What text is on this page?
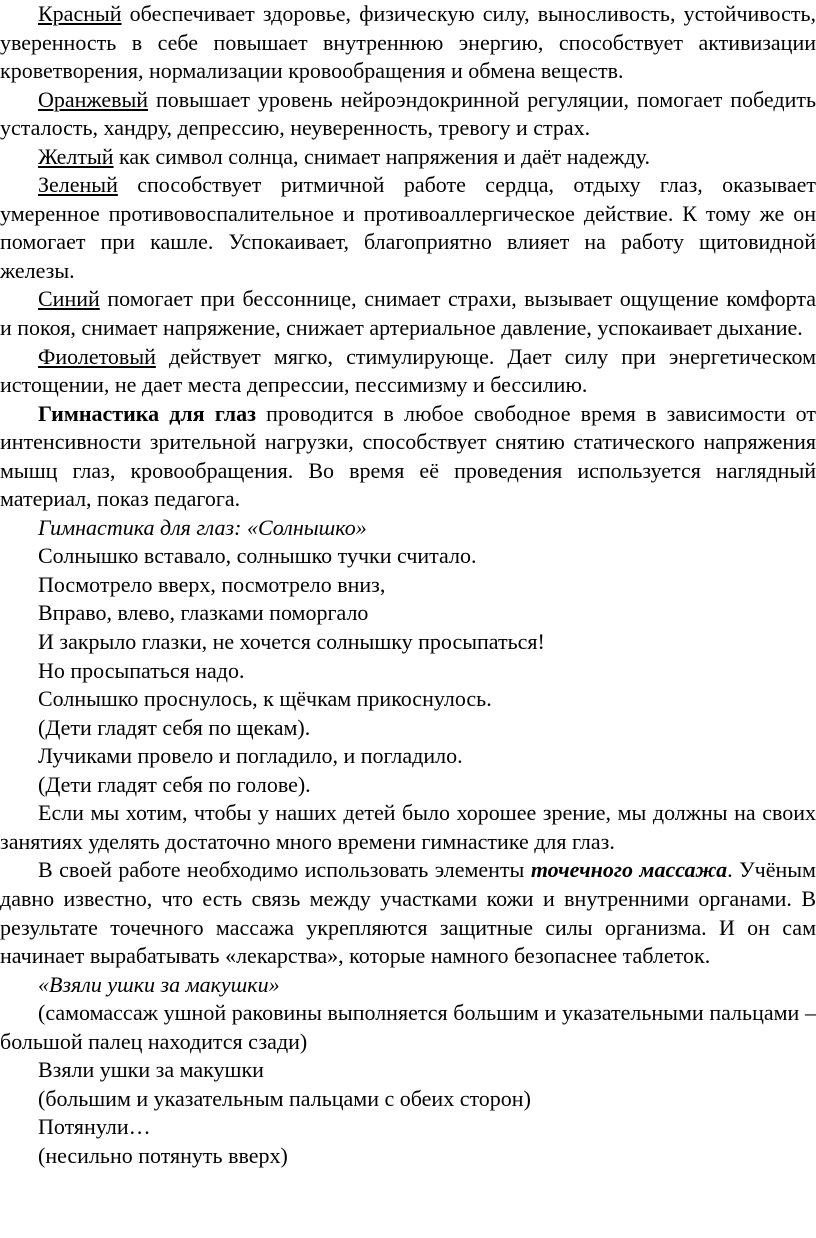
Красный обеспечивает здоровье, физическую силу, выносливость, устойчивость, уверенность в себе повышает внутреннюю энергию, способствует активизации кроветворения, нормализации кровообращения и обмена веществ.

Оранжевый повышает уровень нейроэндокринной регуляции, помогает победить усталость, хандру, депрессию, неуверенность, тревогу и страх.

Желтый как символ солнца, снимает напряжения и даёт надежду.

Зеленый способствует ритмичной работе сердца, отдыху глаз, оказывает умеренное противовоспалительное и противоаллергическое действие. К тому же он помогает при кашле. Успокаивает, благоприятно влияет на работу щитовидной железы.

Синий помогает при бессоннице, снимает страхи, вызывает ощущение комфорта и покоя, снимает напряжение, снижает артериальное давление, успокаивает дыхание.

Фиолетовый действует мягко, стимулирующе. Дает силу при энергетическом истощении, не дает места депрессии, пессимизму и бессилию.

Гимнастика для глаз проводится в любое свободное время в зависимости от интенсивности зрительной нагрузки, способствует снятию статического напряжения мышц глаз, кровообращения. Во время её проведения используется наглядный материал, показ педагога.

Гимнастика для глаз: «Солнышко»

Солнышко вставало, солнышко тучки считало.

Посмотрело вверх, посмотрело вниз,

Вправо, влево, глазками поморгало

И закрыло глазки, не хочется солнышку просыпаться!

Но просыпаться надо.

Солнышко проснулось, к щёчкам прикоснулось.

(Дети гладят себя по щекам).

Лучиками провело и погладило, и погладило.

(Дети гладят себя по голове).

Если мы хотим, чтобы у наших детей было хорошее зрение, мы должны на своих занятиях уделять достаточно много времени гимнастике для глаз.

В своей работе необходимо использовать элементы точечного массажа. Учёным давно известно, что есть связь между участками кожи и внутренними органами. В результате точечного массажа укрепляются защитные силы организма. И он сам начинает вырабатывать «лекарства», которые намного безопаснее таблеток.

«Взяли ушки за макушки»

(самомассаж ушной раковины выполняется большим и указательными пальцами – большой палец находится сзади)

Взяли ушки за макушки

(большим и указательным пальцами с обеих сторон)

Потянули…

(несильно потянуть вверх)
